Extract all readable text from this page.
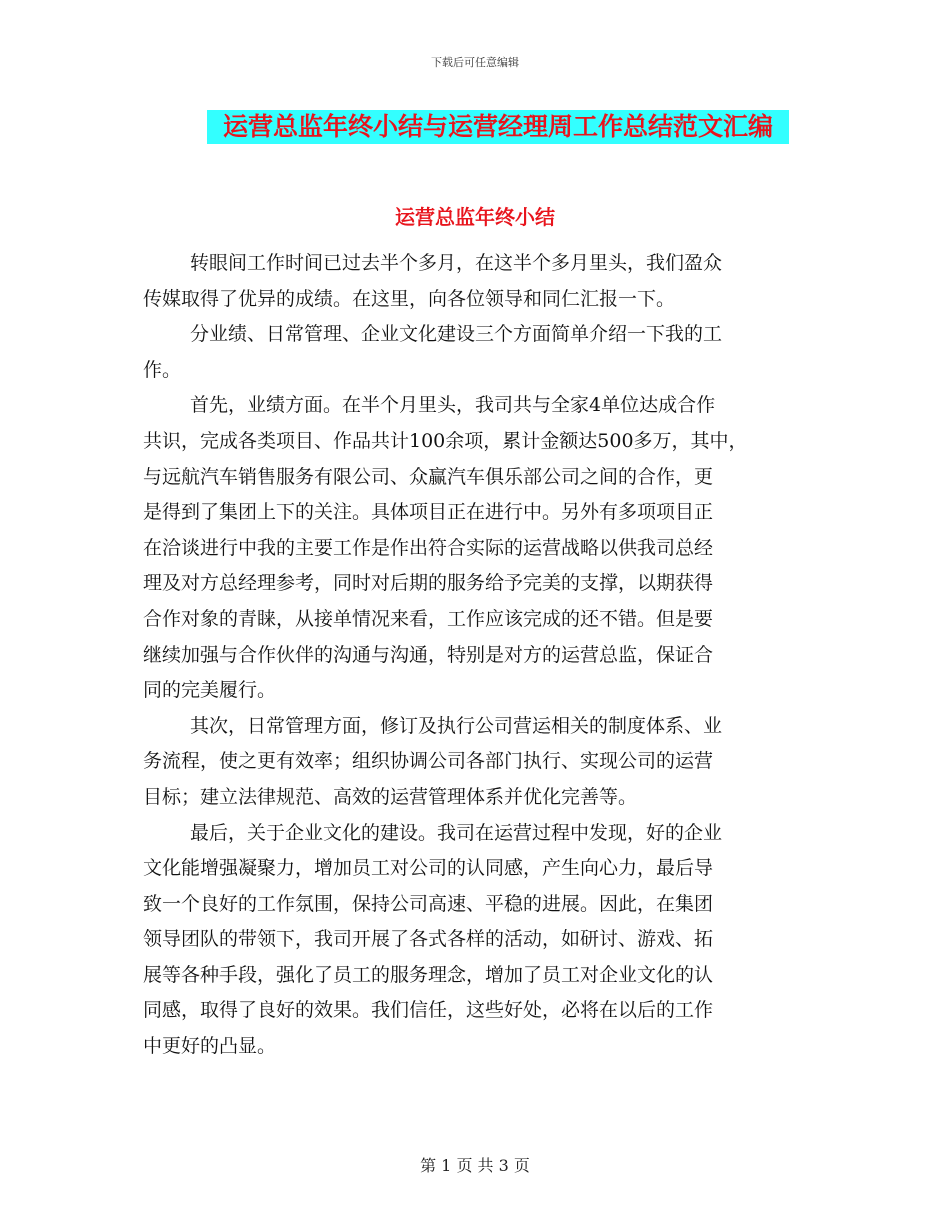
下载后可任意编辑
运营总监年终小结与运营经理周工作总结范文汇编
运营总监年终小结

转眼间工作时间已过去半个多月，在这半个多月里头，我们盈众
传媒取得了优异的成绩。在这里，向各位领导和同仁汇报一下。

分业绩、日常管理、企业文化建设三个方面简单介绍一下我的工
作。

首先，业绩方面。在半个月里头，我司共与全家4单位达成合作
共识，完成各类项目、作品共计100余项，累计金额达500多万，其中，
与远航汽车销售服务有限公司、众赢汽车俱乐部公司之间的合作，更
是得到了集团上下的关注。具体项目正在进行中。另外有多项项目正
在洽谈进行中我的主要工作是作出符合实际的运营战略以供我司总经
理及对方总经理参考，同时对后期的服务给予完美的支撑，以期获得
合作对象的青睐，从接单情况来看，工作应该完成的还不错。但是要
继续加强与合作伙伴的沟通与沟通，特别是对方的运营总监，保证合
同的完美履行。

其次，日常管理方面，修订及执行公司营运相关的制度体系、业
务流程，使之更有效率；组织协调公司各部门执行、实现公司的运营
目标；建立法律规范、高效的运营管理体系并优化完善等。

最后，关于企业文化的建设。我司在运营过程中发现，好的企业
文化能增强凝聚力，增加员工对公司的认同感，产生向心力，最后导
致一个良好的工作氛围，保持公司高速、平稳的进展。因此，在集团
领导团队的带领下，我司开展了各式各样的活动，如研讨、游戏、拓
展等各种手段，强化了员工的服务理念，增加了员工对企业文化的认
同感，取得了良好的效果。我们信任，这些好处，必将在以后的工作
中更好的凸显。

第 1 页 共 3 页
